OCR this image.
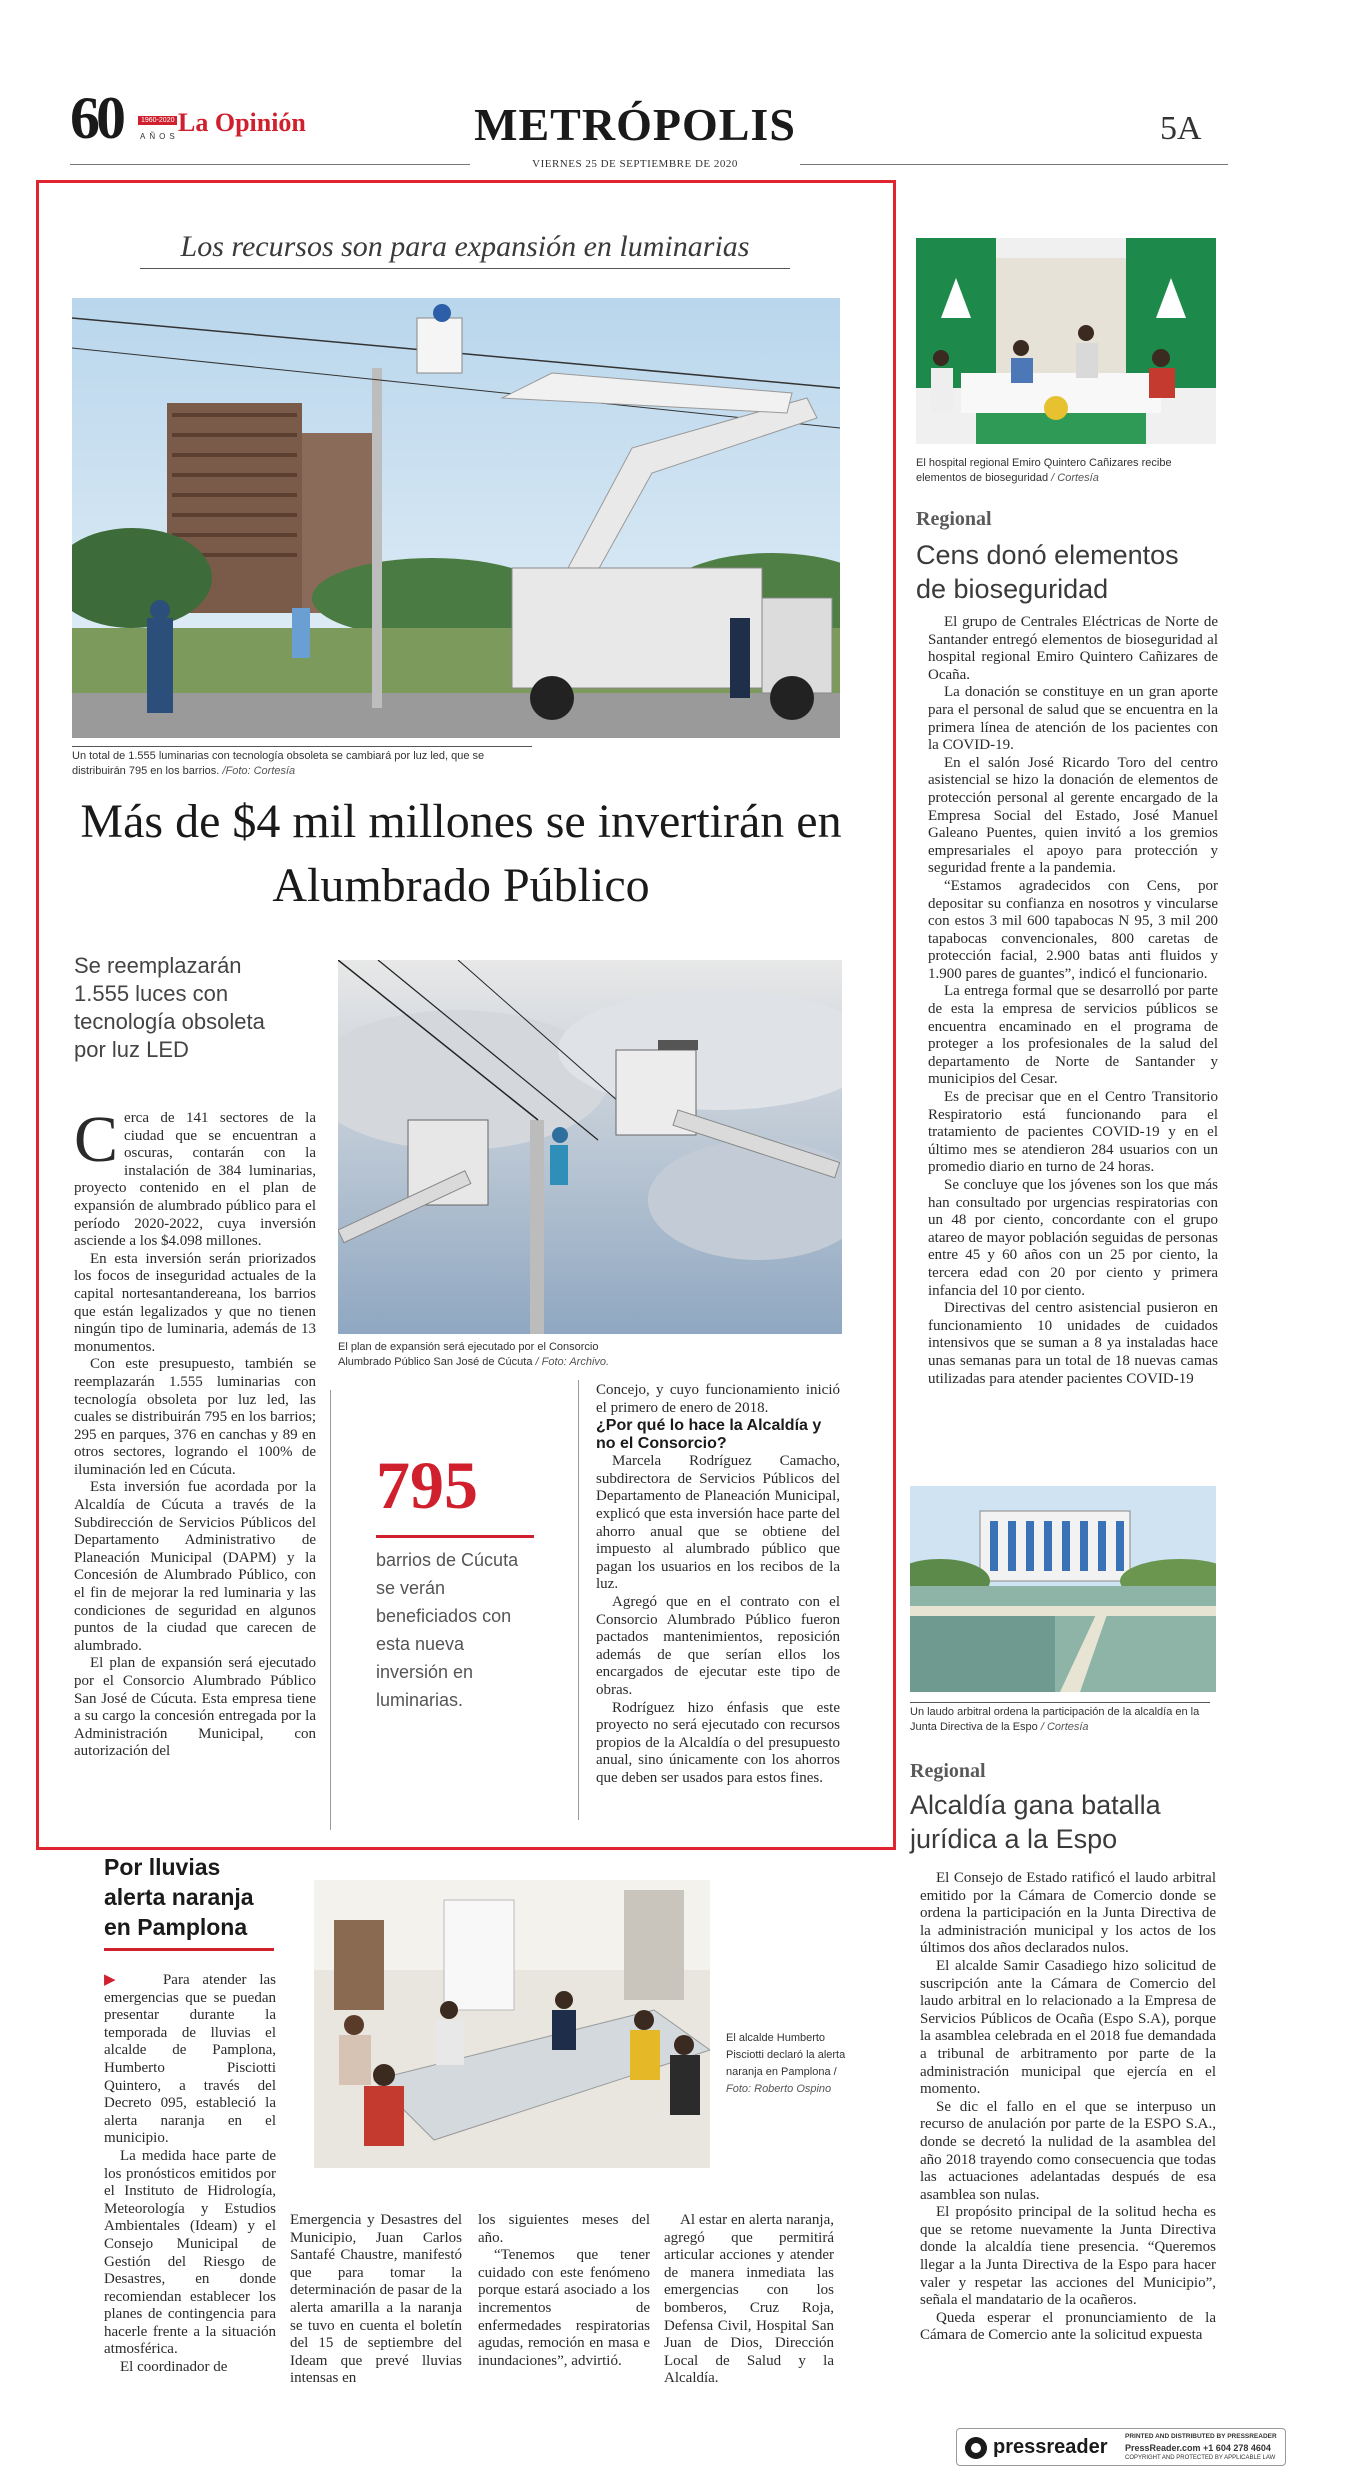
60	1960-2020
AÑOS La Opinión	METRÓPOLIS	5A
VIERNES 25 DE SEPTIEMBRE DE 2020
Los recursos son para expansión en luminarias
Un total de 1.555 luminarias con tecnología obsoleta se cambiará por luz led, que se distribuirán 795 en los barrios. /Foto: Cortesía
Más de $4 mil millones se invertirán en Alumbrado Público
Se reemplazarán 1.555 luces con tecnología obsoleta por luz LED
El plan de expansión será ejecutado por el Consorcio Alumbrado Público San José de Cúcuta / Foto: Archivo.

Cerca de 141 sectores de la ciudad que se encuentran a oscuras, contarán con la instalación de 384 luminarias, proyecto contenido en el plan de expansión de alumbrado público para el período 2020-2022, cuya inversión asciende a los $4.098 millones.

En esta inversión serán priorizados los focos de inseguridad actuales de la capital nortesantandereana, los barrios que están legalizados y que no tienen ningún tipo de luminaria, además de 13 monumentos.

Con este presupuesto, también se reemplazarán 1.555 luminarias con tecnología obsoleta por luz led, las cuales se distribuirán 795 en los barrios; 295 en parques, 376 en canchas y 89 en otros sectores, logrando el 100% de iluminación led en Cúcuta.

Esta inversión fue acordada por la Alcaldía de Cúcuta a través de la Subdirección de Servicios Públicos del Departamento Administrativo de Planeación Municipal (DAPM) y la Concesión de Alumbrado Público, con el fin de mejorar la red luminaria y las condiciones de seguridad en algunos puntos de la ciudad que carecen de alumbrado.

El plan de expansión será ejecutado por el Consorcio Alumbrado Público San José de Cúcuta. Esta empresa tiene a su cargo la concesión entregada por la Administración Municipal, con autorización del

795
barrios de Cúcuta se verán beneficiados con esta nueva inversión en luminarias.

Concejo, y cuyo funcionamiento inició el primero de enero de 2018.

¿Por qué lo hace la Alcaldía y no el Consorcio?

Marcela Rodríguez Camacho, subdirectora de Servicios Públicos del Departamento de Planeación Municipal, explicó que esta inversión hace parte del ahorro anual que se obtiene del impuesto al alumbrado público que pagan los usuarios en los recibos de la luz.

Agregó que en el contrato con el Consorcio Alumbrado Público fueron pactados mantenimientos, reposición además de que serían ellos los encargados de ejecutar este tipo de obras.

Rodríguez hizo énfasis que este proyecto no será ejecutado con recursos propios de la Alcaldía o del presupuesto anual, sino únicamente con los ahorros que deben ser usados para estos fines.

El hospital regional Emiro Quintero Cañizares recibe elementos de bioseguridad / Cortesía
Regional
Cens donó elementos de bioseguridad

El grupo de Centrales Eléctricas de Norte de Santander entregó elementos de bioseguridad al hospital regional Emiro Quintero Cañizares de Ocaña.

La donación se constituye en un gran aporte para el personal de salud que se encuentra en la primera línea de atención de los pacientes con la COVID-19.

En el salón José Ricardo Toro del centro asistencial se hizo la donación de elementos de protección personal al gerente encargado de la Empresa Social del Estado, José Manuel Galeano Puentes, quien invitó a los gremios empresariales el apoyo para protección y seguridad frente a la pandemia.

“Estamos agradecidos con Cens, por depositar su confianza en nosotros y vincularse con estos 3 mil 600 tapabocas N 95, 3 mil 200 tapabocas convencionales, 800 caretas de protección facial, 2.900 batas anti fluidos y 1.900 pares de guantes”, indicó el funcionario.

La entrega formal que se desarrolló por parte de esta la empresa de servicios públicos se encuentra encaminado en el programa de proteger a los profesionales de la salud del departamento de Norte de Santander y municipios del Cesar.

Es de precisar que en el Centro Transitorio Respiratorio está funcionando para el tratamiento de pacientes COVID-19 y en el último mes se atendieron 284 usuarios con un promedio diario en turno de 24 horas.

Se concluye que los jóvenes son los que más han consultado por urgencias respiratorias con un 48 por ciento, concordante con el grupo atareo de mayor población seguidas de personas entre 45 y 60 años con un 25 por ciento, la tercera edad con 20 por ciento y primera infancia del 10 por ciento.

Directivas del centro asistencial pusieron en funcionamiento 10 unidades de cuidados intensivos que se suman a 8 ya instaladas hace unas semanas para un total de 18 nuevas camas utilizadas para atender pacientes COVID-19

Un laudo arbitral ordena la participación de la alcaldía en la Junta Directiva de la Espo / Cortesía
Regional
Alcaldía gana batalla jurídica a la Espo

El Consejo de Estado ratificó el laudo arbitral emitido por la Cámara de Comercio donde se ordena la participación en la Junta Directiva de la administración municipal y los actos de los últimos dos años declarados nulos.

El alcalde Samir Casadiego hizo solicitud de suscripción ante la Cámara de Comercio del laudo arbitral en lo relacionado a la Empresa de Servicios Públicos de Ocaña (Espo S.A), porque la asamblea celebrada en el 2018 fue demandada a tribunal de arbitramento por parte de la administración municipal que ejercía en el momento.

Se dic el fallo en el que se interpuso un recurso de anulación por parte de la ESPO S.A., donde se decretó la nulidad de la asamblea del año 2018 trayendo como consecuencia que todas las actuaciones adelantadas después de esa asamblea son nulas.

El propósito principal de la solitud hecha es que se retome nuevamente la Junta Directiva donde la alcaldía tiene presencia. “Queremos llegar a la Junta Directiva de la Espo para hacer valer y respetar las acciones del Municipio”, señala el mandatario de la ocañeros.

Queda esperar el pronunciamiento de la Cámara de Comercio ante la solicitud expuesta

Por lluvias alerta naranja en Pamplona
El alcalde Humberto Pisciotti declaró la alerta naranja en Pamplona / Foto: Roberto Ospino

▶   Para atender las emergencias que se puedan presentar durante la temporada de lluvias el alcalde de Pamplona, Humberto Pisciotti Quintero, a través del Decreto 095, estableció la alerta naranja en el municipio.

La medida hace parte de los pronósticos emitidos por el Instituto de Hidrología, Meteorología y Estudios Ambientales (Ideam) y el Consejo Municipal de Gestión del Riesgo de Desastres, en donde recomiendan establecer los planes de contingencia para hacerle frente a la situación atmosférica.

El coordinador de

Emergencia y Desastres del Municipio, Juan Carlos Santafé Chaustre, manifestó que para tomar la determinación de pasar de la alerta amarilla a la naranja se tuvo en cuenta el boletín del 15 de septiembre del Ideam que prevé lluvias intensas en

los siguientes meses del año.

“Tenemos que tener cuidado con este fenómeno porque estará asociado a los incrementos de enfermedades respiratorias agudas, remoción en masa e inundaciones”, advirtió.

Al estar en alerta naranja, agregó que permitirá articular acciones y atender de manera inmediata las emergencias con los bomberos, Cruz Roja, Defensa Civil, Hospital San Juan de Dios, Dirección Local de Salud y la Alcaldía.

pressreader	PRINTED AND DISTRIBUTED BY PRESSREADER
PressReader.com +1 604 278 4604
COPYRIGHT AND PROTECTED BY APPLICABLE LAW
